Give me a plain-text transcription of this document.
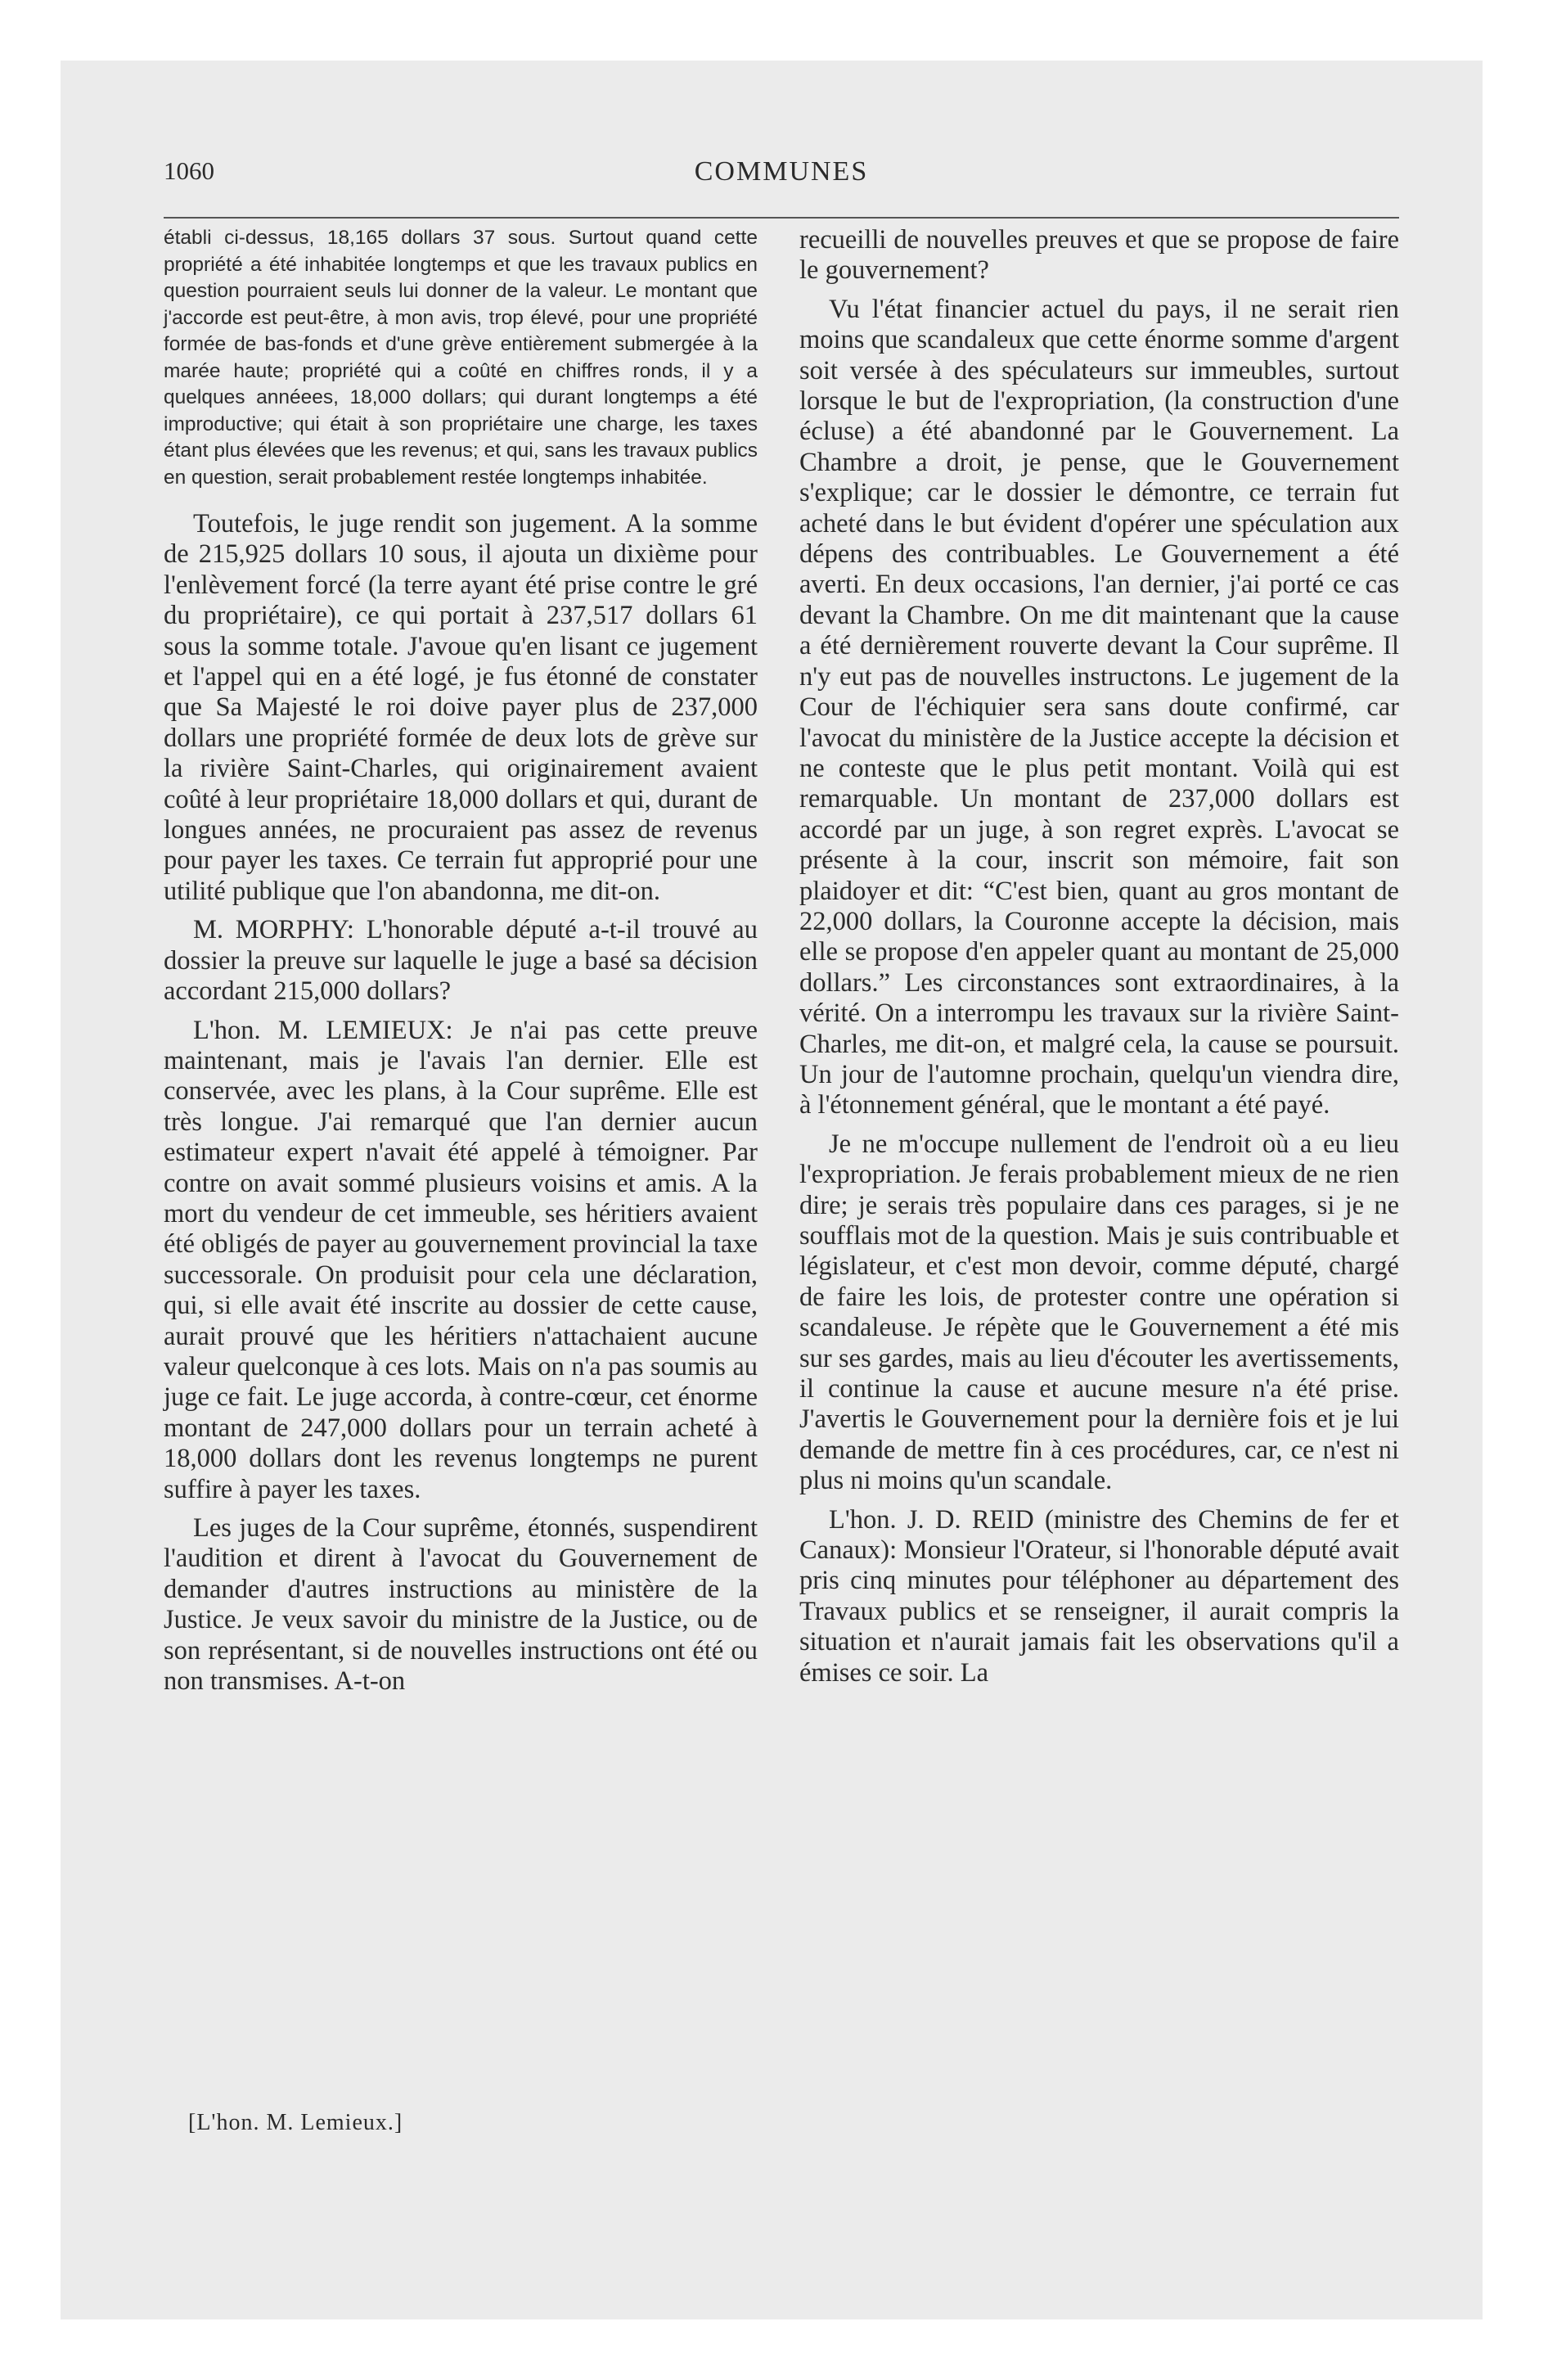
1060	COMMUNES

établi ci-dessus, 18,165 dollars 37 sous. Surtout quand cette propriété a été inhabitée longtemps et que les travaux publics en question pourraient seuls lui donner de la valeur. Le montant que j'accorde est peut-être, à mon avis, trop élevé, pour une propriété formée de bas-fonds et d'une grève entièrement submergée à la marée haute; propriété qui a coûté en chiffres ronds, il y a quelques annéees, 18,000 dollars; qui durant longtemps a été improductive; qui était à son propriétaire une charge, les taxes étant plus élevées que les revenus; et qui, sans les travaux publics en question, serait probablement restée longtemps inhabitée.

Toutefois, le juge rendit son jugement. A la somme de 215,925 dollars 10 sous, il ajouta un dixième pour l'enlèvement forcé (la terre ayant été prise contre le gré du propriétaire), ce qui portait à 237,517 dollars 61 sous la somme totale. J'avoue qu'en lisant ce jugement et l'appel qui en a été logé, je fus étonné de constater que Sa Majesté le roi doive payer plus de 237,000 dollars une propriété formée de deux lots de grève sur la rivière Saint-Charles, qui originairement avaient coûté à leur propriétaire 18,000 dollars et qui, durant de longues années, ne procuraient pas assez de revenus pour payer les taxes. Ce terrain fut approprié pour une utilité publique que l'on abandonna, me dit-on.

M. MORPHY: L'honorable député a-t-il trouvé au dossier la preuve sur laquelle le juge a basé sa décision accordant 215,000 dollars?

L'hon. M. LEMIEUX: Je n'ai pas cette preuve maintenant, mais je l'avais l'an dernier. Elle est conservée, avec les plans, à la Cour suprême. Elle est très longue. J'ai remarqué que l'an dernier aucun estimateur expert n'avait été appelé à témoigner. Par contre on avait sommé plusieurs voisins et amis. A la mort du vendeur de cet immeuble, ses héritiers avaient été obligés de payer au gouvernement provincial la taxe successorale. On produisit pour cela une déclaration, qui, si elle avait été inscrite au dossier de cette cause, aurait prouvé que les héritiers n'attachaient aucune valeur quelconque à ces lots. Mais on n'a pas soumis au juge ce fait. Le juge accorda, à contre-cœur, cet énorme montant de 247,000 dollars pour un terrain acheté à 18,000 dollars dont les revenus longtemps ne purent suffire à payer les taxes.

Les juges de la Cour suprême, étonnés, suspendirent l'audition et dirent à l'avocat du Gouvernement de demander d'autres instructions au ministère de la Justice. Je veux savoir du ministre de la Justice, ou de son représentant, si de nouvelles instructions ont été ou non transmises. A-t-on

recueilli de nouvelles preuves et que se propose de faire le gouvernement?

Vu l'état financier actuel du pays, il ne serait rien moins que scandaleux que cette énorme somme d'argent soit versée à des spéculateurs sur immeubles, surtout lorsque le but de l'expropriation, (la construction d'une écluse) a été abandonné par le Gouvernement. La Chambre a droit, je pense, que le Gouvernement s'explique; car le dossier le démontre, ce terrain fut acheté dans le but évident d'opérer une spéculation aux dépens des contribuables. Le Gouvernement a été averti. En deux occasions, l'an dernier, j'ai porté ce cas devant la Chambre. On me dit maintenant que la cause a été dernièrement rouverte devant la Cour suprême. Il n'y eut pas de nouvelles instructons. Le jugement de la Cour de l'échiquier sera sans doute confirmé, car l'avocat du ministère de la Justice accepte la décision et ne conteste que le plus petit montant. Voilà qui est remarquable. Un montant de 237,000 dollars est accordé par un juge, à son regret exprès. L'avocat se présente à la cour, inscrit son mémoire, fait son plaidoyer et dit: “C'est bien, quant au gros montant de 22,000 dollars, la Couronne accepte la décision, mais elle se propose d'en appeler quant au montant de 25,000 dollars.” Les circonstances sont extraordinaires, à la vérité. On a interrompu les travaux sur la rivière Saint-Charles, me dit-on, et malgré cela, la cause se poursuit. Un jour de l'automne prochain, quelqu'un viendra dire, à l'étonnement général, que le montant a été payé.

Je ne m'occupe nullement de l'endroit où a eu lieu l'expropriation. Je ferais probablement mieux de ne rien dire; je serais très populaire dans ces parages, si je ne soufflais mot de la question. Mais je suis contribuable et législateur, et c'est mon devoir, comme député, chargé de faire les lois, de protester contre une opération si scandaleuse. Je répète que le Gouvernement a été mis sur ses gardes, mais au lieu d'écouter les avertissements, il continue la cause et aucune mesure n'a été prise. J'avertis le Gouvernement pour la dernière fois et je lui demande de mettre fin à ces procédures, car, ce n'est ni plus ni moins qu'un scandale.

L'hon. J. D. REID (ministre des Chemins de fer et Canaux): Monsieur l'Orateur, si l'honorable député avait pris cinq minutes pour téléphoner au département des Travaux publics et se renseigner, il aurait compris la situation et n'aurait jamais fait les observations qu'il a émises ce soir. La

[L'hon. M. Lemieux.]
